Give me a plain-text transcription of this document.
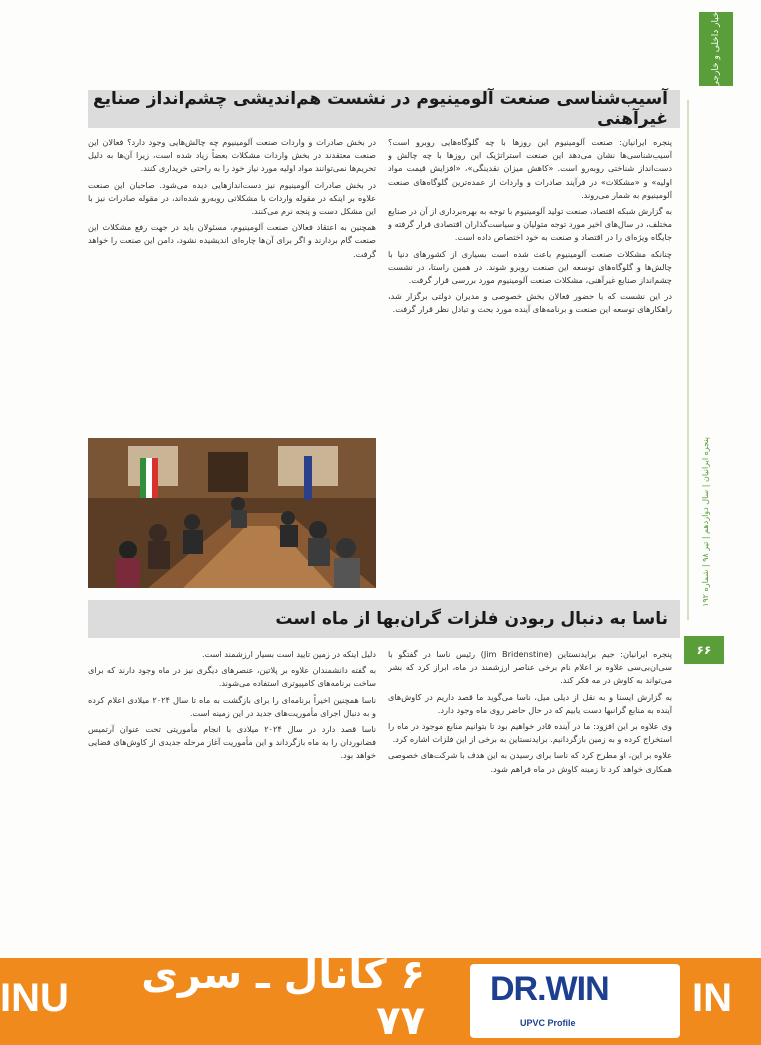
اخبار داخلی و خارجی
پنجره ایرانیان | سال دوازدهم | تیر ۹۸ | شماره ۱۹۲
۶۶
آسیب‌شناسی صنعت آلومینیوم در نشست هم‌اندیشی چشم‌انداز صنایع غیرآهنی

پنجره ایرانیان: صنعت آلومینیوم این روزها با چه گلوگاه‌هایی روبرو است؟ آسیب‌شناسی‌ها نشان می‌دهد این صنعت استراتژیک این روزها با چه چالش و دست‌انداز شناختی روبه‌رو است. «کاهش میزان نقدینگی»، «افزایش قیمت مواد اولیه» و «مشکلات» در فرآیند صادرات و واردات از عمده‌ترین گلوگاه‌های صنعت آلومینیوم به شمار می‌روند.

به گزارش شبکه اقتصاد، صنعت تولید آلومینیوم با توجه به بهره‌برداری از آن در صنایع مختلف، در سال‌های اخیر مورد توجه متولیان و سیاست‌گذاران اقتصادی قرار گرفته و جایگاه ویژه‌ای را در اقتصاد و صنعت به خود اختصاص داده است.

چنانکه مشکلات صنعت آلومینیوم باعث شده است بسیاری از کشورهای دنیا با چالش‌ها و گلوگاه‌های توسعه این صنعت روبرو شوند. در همین راستا، در نشست چشم‌انداز صنایع غیرآهنی، مشکلات صنعت آلومینیوم مورد بررسی قرار گرفت.

در این نشست که با حضور فعالان بخش خصوصی و مدیران دولتی برگزار شد، راهکارهای توسعه این صنعت و برنامه‌های آینده مورد بحث و تبادل نظر قرار گرفت.

در بخش صادرات و واردات صنعت آلومینیوم چه چالش‌هایی وجود دارد؟ فعالان این صنعت معتقدند در بخش واردات مشکلات بعضاً زیاد شده است، زیرا آن‌ها به دلیل تحریم‌ها نمی‌توانند مواد اولیه مورد نیاز خود را به راحتی خریداری کنند.

در بخش صادرات آلومینیوم نیز دست‌اندازهایی دیده می‌شود. صاحبان این صنعت علاوه بر اینکه در مقوله واردات با مشکلاتی روبه‌رو شده‌اند، در مقوله صادرات نیز با این مشکل دست و پنجه نرم می‌کنند.

همچنین به اعتقاد فعالان صنعت آلومینیوم، مسئولان باید در جهت رفع مشکلات این صنعت گام بردارند و اگر برای آن‌ها چاره‌ای اندیشیده نشود، دامن این صنعت را خواهد گرفت.

ناسا به دنبال ربودن فلزات گران‌بها از ماه است

پنجره ایرانیان: جیم برایدنستاین (Jim Bridenstine) رئیس ناسا در گفتگو با سی‌ان‌بی‌سی علاوه بر اعلام نام برخی عناصر ارزشمند در ماه، ابراز کرد که بشر می‌تواند به کاوش در مه فکر کند.

به گزارش ایسنا و به نقل از دیلی میل، ناسا می‌گوید ما قصد داریم در کاوش‌های آینده به منابع گرانبها دست یابیم که در حال حاضر روی ماه وجود دارد.

وی علاوه بر این افزود: ما در آینده قادر خواهیم بود تا بتوانیم منابع موجود در ماه را استخراج کرده و به زمین بازگردانیم. برایدنستاین به برخی از این فلزات اشاره کرد.

علاوه بر این، او مطرح کرد که ناسا برای رسیدن به این هدف با شرکت‌های خصوصی همکاری خواهد کرد تا زمینه کاوش در ماه فراهم شود.

دلیل اینکه در زمین تایید است بسیار ارزشمند است.

به گفته دانشمندان علاوه بر پلاتین، عنصرهای دیگری نیز در ماه وجود دارند که برای ساخت برنامه‌های کامپیوتری استفاده می‌شوند.

ناسا همچنین اخیراً برنامه‌ای را برای بازگشت به ماه تا سال ۲۰۲۴ میلادی اعلام کرده و به دنبال اجرای مأموریت‌های جدید در این زمینه است.

ناسا قصد دارد در سال ۲۰۲۴ میلادی با انجام مأموریتی تحت عنوان آرتمیس فضانوردان را به ماه بازگرداند و این مأموریت آغاز مرحله جدیدی از کاوش‌های فضایی خواهد بود.

INU	۶ کانال ـ سری ۷۷
DR.WIN
UPVC Profile
IN
